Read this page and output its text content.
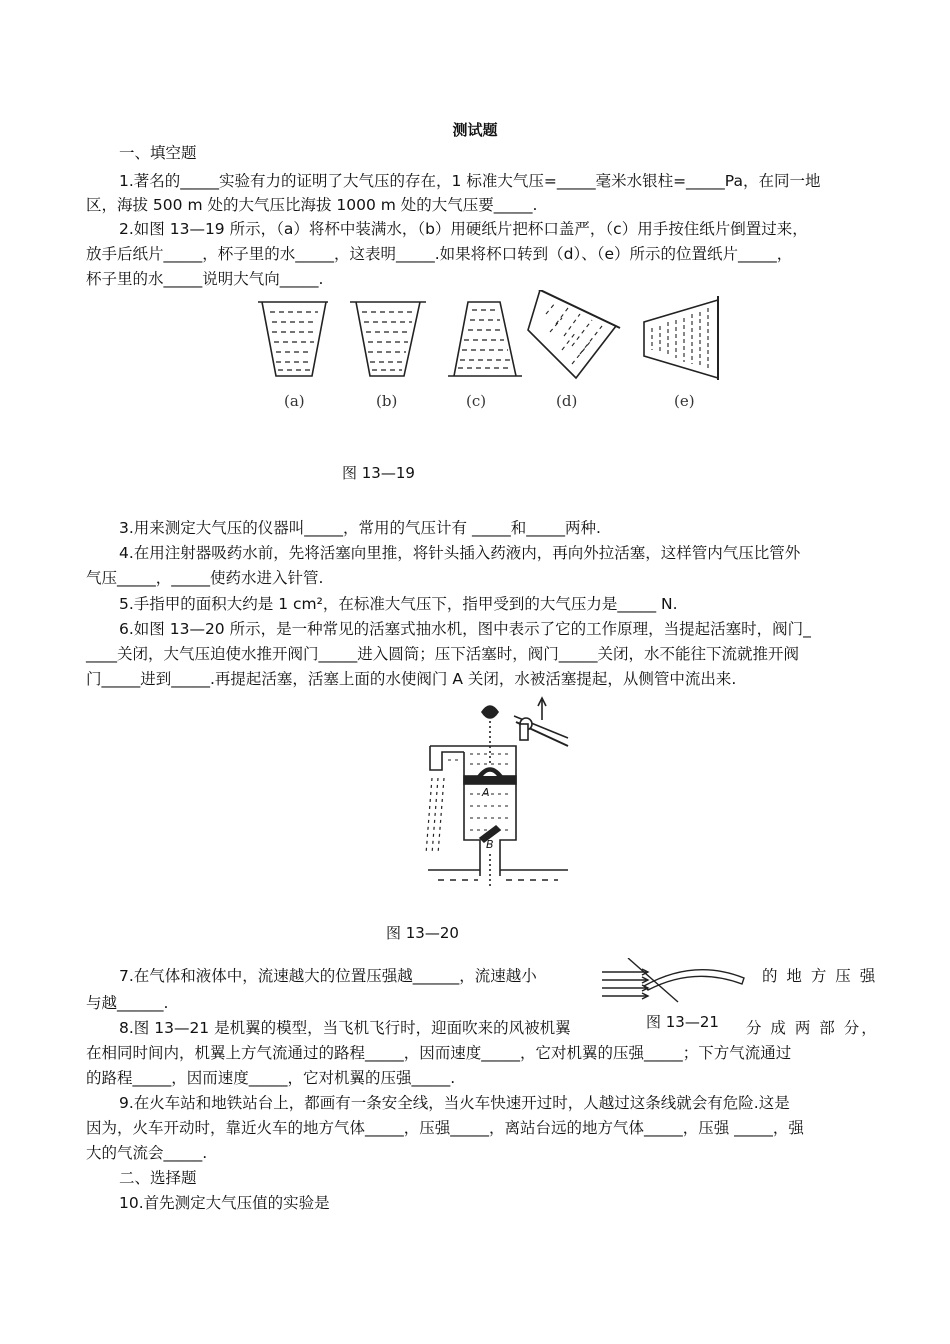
测试题
一、填空题
1.著名的_____实验有力的证明了大气压的存在，1 标准大气压=_____毫米水银柱=_____Pa，在同一地
区，海拔 500 m 处的大气压比海拔 1000 m 处的大气压要_____.
2.如图 13—19 所示，（a）将杯中装满水，（b）用硬纸片把杯口盖严，（c）用手按住纸片倒置过来，
放手后纸片_____，杯子里的水_____，这表明_____.如果将杯口转到（d）、（e）所示的位置纸片_____，
杯子里的水_____说明大气向_____.
(a)	(b)	(c)	(d)	(e)
图 13—19
3.用来测定大气压的仪器叫_____，常用的气压计有 _____和_____两种.
4.在用注射器吸药水前，先将活塞向里推，将针头插入药液内，再向外拉活塞，这样管内气压比管外
气压_____，_____使药水进入针管.
5.手指甲的面积大约是 1 cm²，在标准大气压下，指甲受到的大气压力是_____ N.
6.如图 13—20 所示，是一种常见的活塞式抽水机，图中表示了它的工作原理，当提起活塞时，阀门_
____关闭，大气压迫使水推开阀门_____进入圆筒；压下活塞时，阀门_____关闭，水不能往下流就推开阀
门_____进到_____.再提起活塞，活塞上面的水使阀门 A 关闭，水被活塞提起，从侧管中流出来.
A
B
图 13—20
7.在气体和液体中，流速越大的位置压强越______，流速越小	的 地 方 压 强
与越______.
8.图 13—21 是机翼的模型，当飞机飞行时，迎面吹来的风被机翼	图 13—21 分 成 两 部 分，
在相同时间内，机翼上方气流通过的路程_____，因而速度_____，它对机翼的压强_____；下方气流通过
的路程_____，因而速度_____，它对机翼的压强_____.
9.在火车站和地铁站台上，都画有一条安全线，当火车快速开过时，人越过这条线就会有危险.这是
因为，火车开动时，靠近火车的地方气体_____，压强_____，离站台远的地方气体_____，压强 _____，强
大的气流会_____.
二、选择题
10.首先测定大气压值的实验是
